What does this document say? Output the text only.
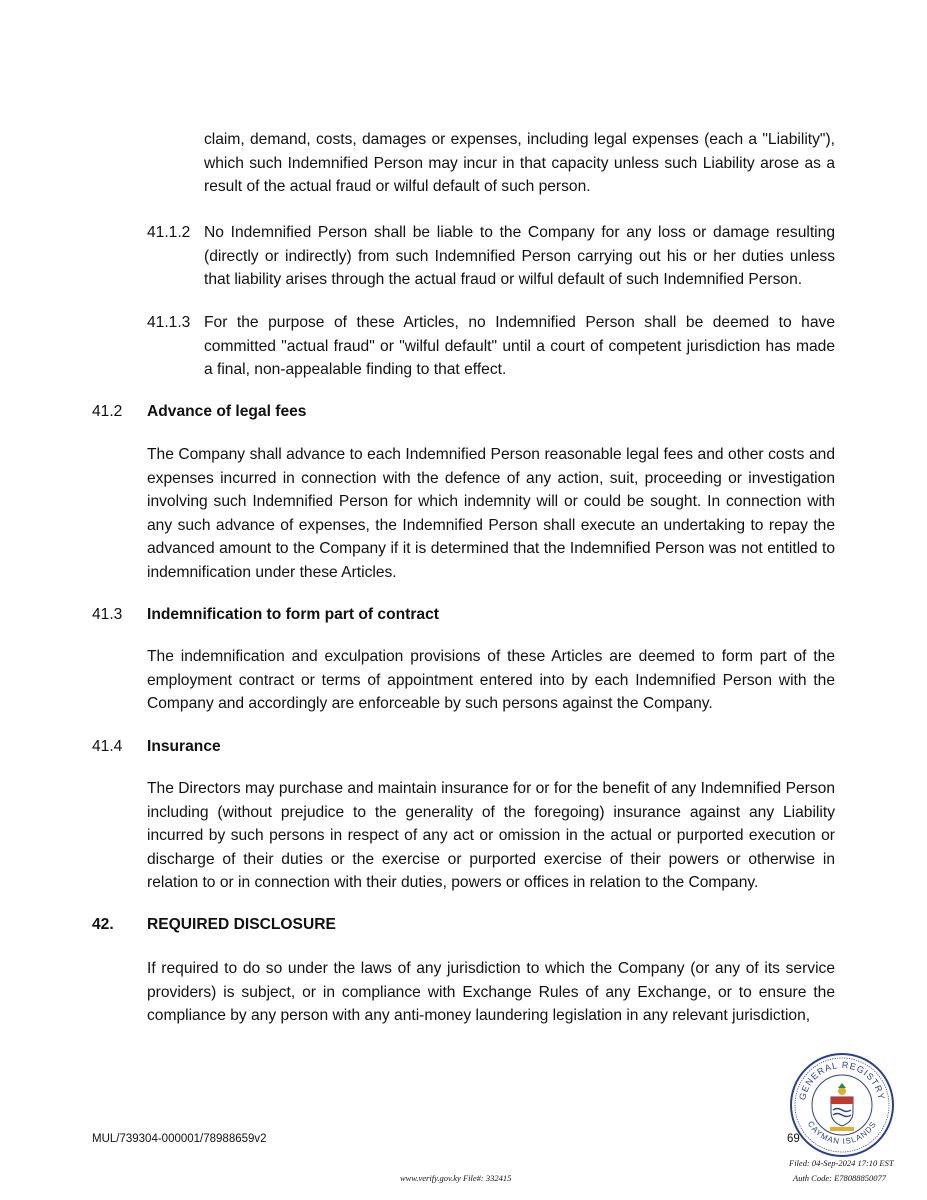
claim, demand, costs, damages or expenses, including legal expenses (each a "Liability"), which such Indemnified Person may incur in that capacity unless such Liability arose as a result of the actual fraud or wilful default of such person.
41.1.2 No Indemnified Person shall be liable to the Company for any loss or damage resulting (directly or indirectly) from such Indemnified Person carrying out his or her duties unless that liability arises through the actual fraud or wilful default of such Indemnified Person.
41.1.3 For the purpose of these Articles, no Indemnified Person shall be deemed to have committed "actual fraud" or "wilful default" until a court of competent jurisdiction has made a final, non-appealable finding to that effect.
41.2 Advance of legal fees
The Company shall advance to each Indemnified Person reasonable legal fees and other costs and expenses incurred in connection with the defence of any action, suit, proceeding or investigation involving such Indemnified Person for which indemnity will or could be sought. In connection with any such advance of expenses, the Indemnified Person shall execute an undertaking to repay the advanced amount to the Company if it is determined that the Indemnified Person was not entitled to indemnification under these Articles.
41.3 Indemnification to form part of contract
The indemnification and exculpation provisions of these Articles are deemed to form part of the employment contract or terms of appointment entered into by each Indemnified Person with the Company and accordingly are enforceable by such persons against the Company.
41.4 Insurance
The Directors may purchase and maintain insurance for or for the benefit of any Indemnified Person including (without prejudice to the generality of the foregoing) insurance against any Liability incurred by such persons in respect of any act or omission in the actual or purported execution or discharge of their duties or the exercise or purported exercise of their powers or otherwise in relation to or in connection with their duties, powers or offices in relation to the Company.
42. REQUIRED DISCLOSURE
If required to do so under the laws of any jurisdiction to which the Company (or any of its service providers) is subject, or in compliance with Exchange Rules of any Exchange, or to ensure the compliance by any person with any anti-money laundering legislation in any relevant jurisdiction,
GENERAL REGISTRY
CAYMAN ISLANDS
MUL/739304-000001/78988659v2	69
Filed: 04-Sep-2024 17:10 EST
www.verify.gov.ky File#: 332415	Auth Code: E78088850077
